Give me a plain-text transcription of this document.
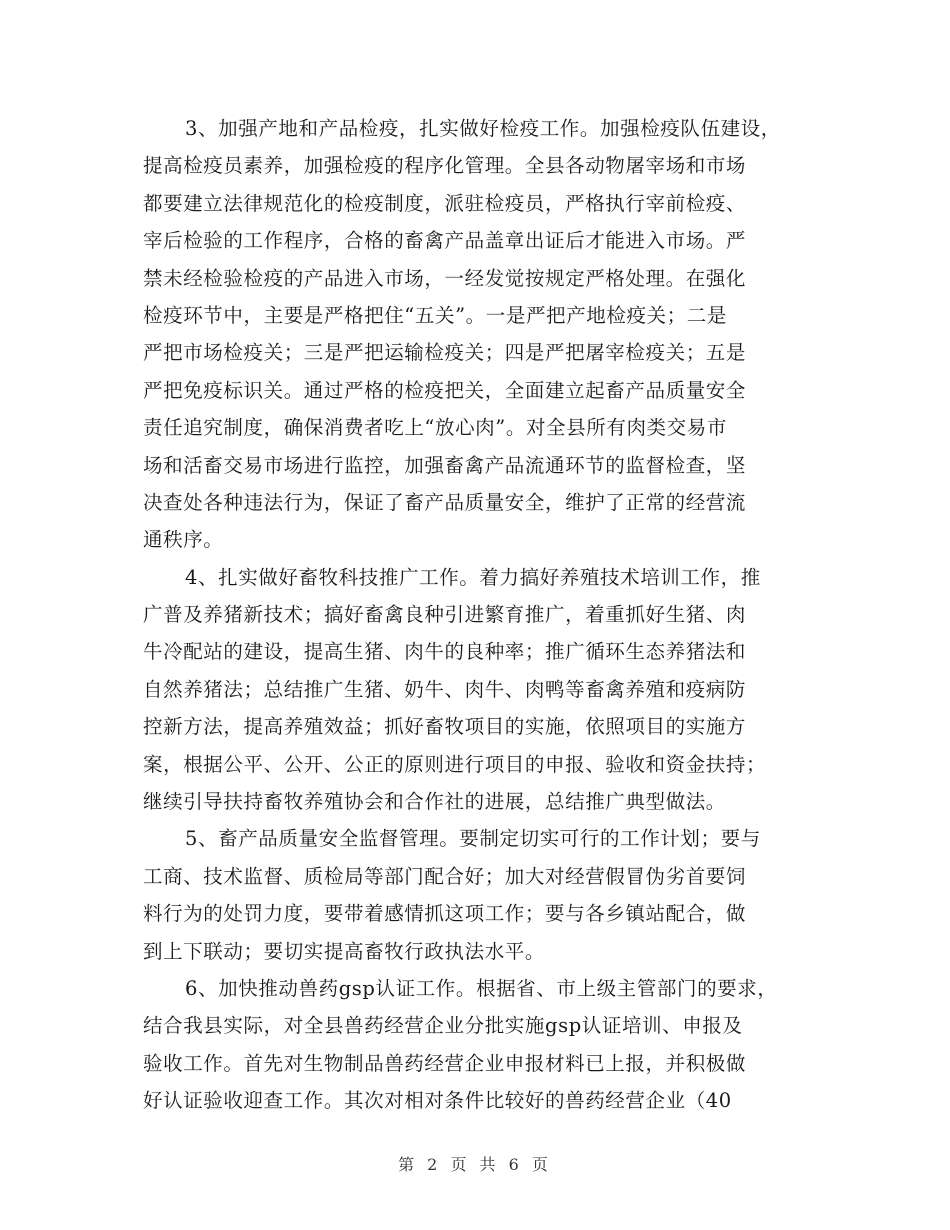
3、加强产地和产品检疫，扎实做好检疫工作。加强检疫队伍建设，
提高检疫员素养，加强检疫的程序化管理。全县各动物屠宰场和市场
都要建立法律规范化的检疫制度，派驻检疫员，严格执行宰前检疫、
宰后检验的工作程序，合格的畜禽产品盖章出证后才能进入市场。严
禁未经检验检疫的产品进入市场，一经发觉按规定严格处理。在强化
检疫环节中，主要是严格把住“五关”。一是严把产地检疫关；二是
严把市场检疫关；三是严把运输检疫关；四是严把屠宰检疫关；五是
严把免疫标识关。通过严格的检疫把关，全面建立起畜产品质量安全
责任追究制度，确保消费者吃上“放心肉”。对全县所有肉类交易市
场和活畜交易市场进行监控，加强畜禽产品流通环节的监督检查，坚
决查处各种违法行为，保证了畜产品质量安全，维护了正常的经营流
通秩序。
4、扎实做好畜牧科技推广工作。着力搞好养殖技术培训工作，推
广普及养猪新技术；搞好畜禽良种引进繁育推广，着重抓好生猪、肉
牛冷配站的建设，提高生猪、肉牛的良种率；推广循环生态养猪法和
自然养猪法；总结推广生猪、奶牛、肉牛、肉鸭等畜禽养殖和疫病防
控新方法，提高养殖效益；抓好畜牧项目的实施，依照项目的实施方
案，根据公平、公开、公正的原则进行项目的申报、验收和资金扶持；
继续引导扶持畜牧养殖协会和合作社的进展，总结推广典型做法。
5、畜产品质量安全监督管理。要制定切实可行的工作计划；要与
工商、技术监督、质检局等部门配合好；加大对经营假冒伪劣首要饲
料行为的处罚力度，要带着感情抓这项工作；要与各乡镇站配合，做
到上下联动；要切实提高畜牧行政执法水平。
6、加快推动兽药gsp认证工作。根据省、市上级主管部门的要求，
结合我县实际，对全县兽药经营企业分批实施gsp认证培训、申报及
验收工作。首先对生物制品兽药经营企业申报材料已上报，并积极做
好认证验收迎查工作。其次对相对条件比较好的兽药经营企业（40
第 2 页 共 6 页
